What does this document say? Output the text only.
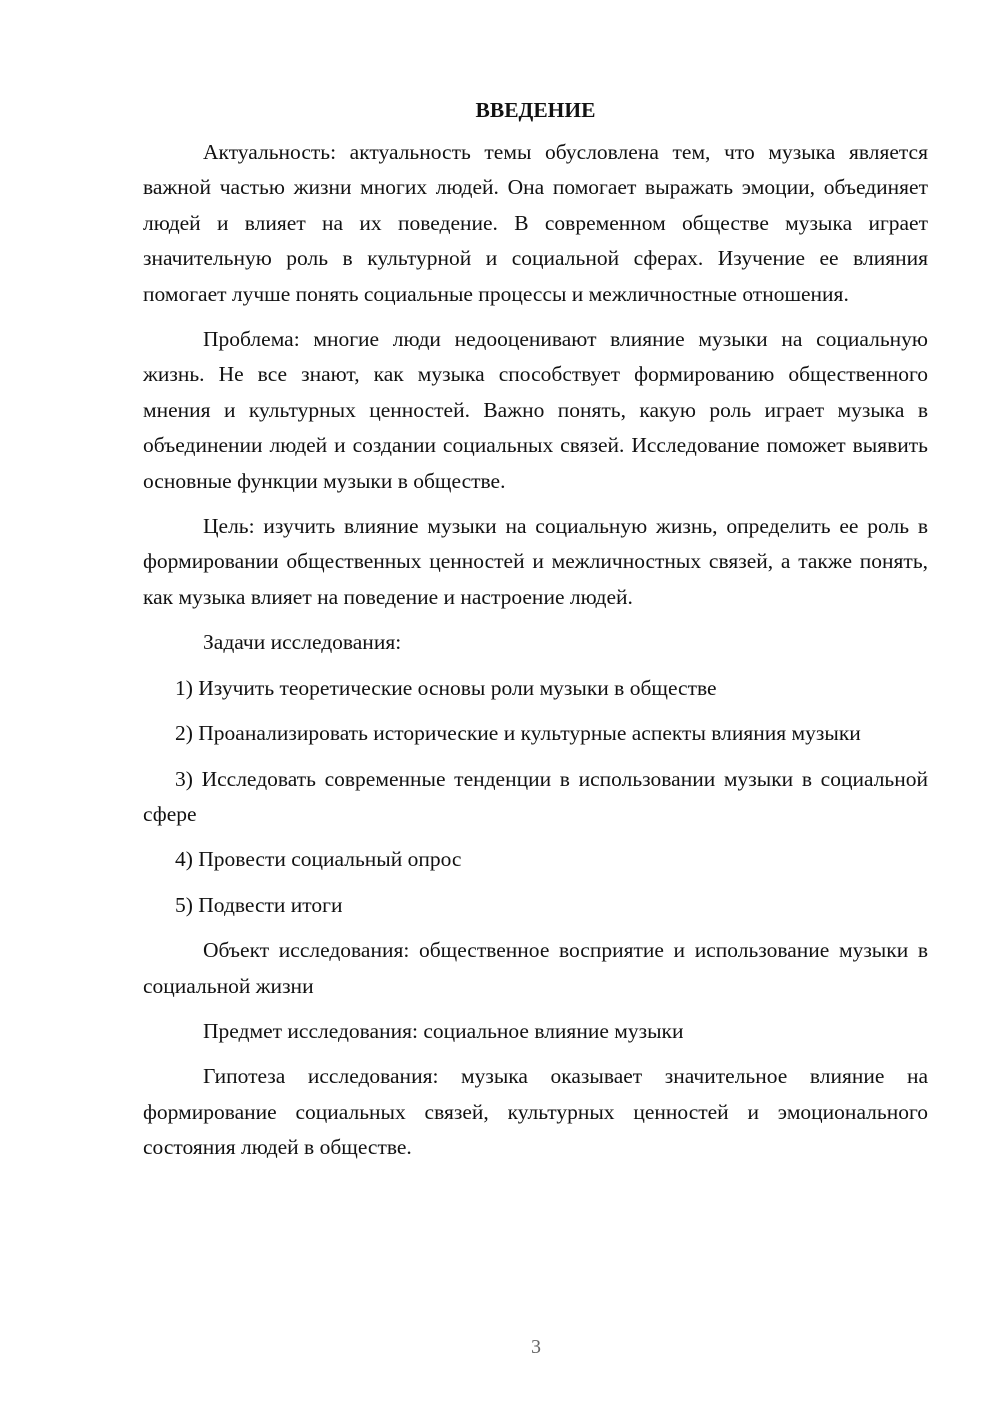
ВВЕДЕНИЕ

Актуальность: актуальность темы обусловлена тем, что музыка является важной частью жизни многих людей. Она помогает выражать эмоции, объединяет людей и влияет на их поведение. В современном обществе музыка играет значительную роль в культурной и социальной сферах. Изучение ее влияния помогает лучше понять социальные процессы и межличностные отношения.

Проблема: многие люди недооценивают влияние музыки на социальную жизнь. Не все знают, как музыка способствует формированию общественного мнения и культурных ценностей. Важно понять, какую роль играет музыка в объединении людей и создании социальных связей. Исследование поможет выявить основные функции музыки в обществе.

Цель: изучить влияние музыки на социальную жизнь, определить ее роль в формировании общественных ценностей и межличностных связей, а также понять, как музыка влияет на поведение и настроение людей.

Задачи исследования:

1) Изучить теоретические основы роли музыки в обществе

2) Проанализировать исторические и культурные аспекты влияния музыки

3) Исследовать современные тенденции в использовании музыки в социальной сфере

4) Провести социальный опрос

5) Подвести итоги

Объект исследования: общественное восприятие и использование музыки в социальной жизни

Предмет исследования: социальное влияние музыки

Гипотеза исследования: музыка оказывает значительное влияние на формирование социальных связей, культурных ценностей и эмоционального состояния людей в обществе.

3
